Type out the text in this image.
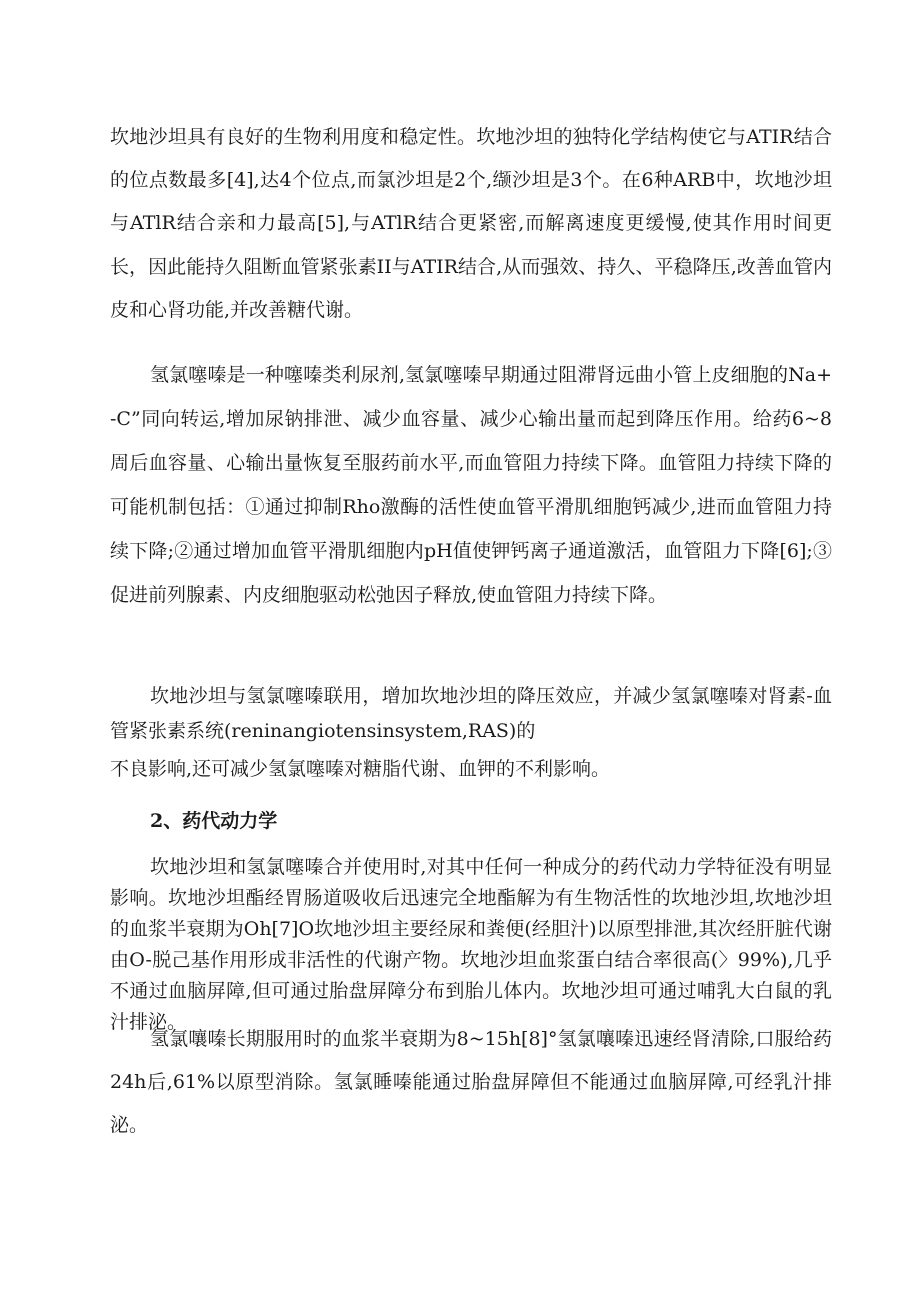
坎地沙坦具有良好的生物利用度和稳定性。坎地沙坦的独特化学结构使它与ATIR结合的位点数最多[4],达4个位点,而氯沙坦是2个,缬沙坦是3个。在6种ARB中，坎地沙坦与ATlR结合亲和力最高[5],与ATlR结合更紧密,而解离速度更缓慢,使其作用时间更长，因此能持久阻断血管紧张素II与ATIR结合,从而强效、持久、平稳降压,改善血管内皮和心肾功能,并改善糖代谢。

氢氯噻嗪是一种噻嗪类利尿剂,氢氯噻嗪早期通过阻滞肾远曲小管上皮细胞的Na+-C”同向转运,增加尿钠排泄、减少血容量、减少心输出量而起到降压作用。给药6~8周后血容量、心输出量恢复至服药前水平,而血管阻力持续下降。血管阻力持续下降的可能机制包括：①通过抑制Rho激酶的活性使血管平滑肌细胞钙减少,进而血管阻力持续下降;②通过增加血管平滑肌细胞内pH值使钾钙离子通道激活，血管阻力下降[6];③促进前列腺素、内皮细胞驱动松弛因子释放,使血管阻力持续下降。

坎地沙坦与氢氯噻嗪联用，增加坎地沙坦的降压效应，并减少氢氯噻嗪对肾素-血管紧张素系统(reninangiotensinsystem,RAS)的

不良影响,还可减少氢氯噻嗪对糖脂代谢、血钾的不利影响。

2、药代动力学

坎地沙坦和氢氯噻嗪合并使用时,对其中任何一种成分的药代动力学特征没有明显影响。坎地沙坦酯经胃肠道吸收后迅速完全地酯解为有生物活性的坎地沙坦,坎地沙坦的血浆半衰期为Oh[7]O坎地沙坦主要经尿和粪便(经胆汁)以原型排泄,其次经肝脏代谢由O-脱己基作用形成非活性的代谢产物。坎地沙坦血浆蛋白结合率很高(〉99%),几乎不通过血脑屏障,但可通过胎盘屏障分布到胎儿体内。坎地沙坦可通过哺乳大白鼠的乳汁排泌。

氢氯嚷嗪长期服用时的血浆半衰期为8~15h[8]°氢氯嚷嗪迅速经肾清除,口服给药24h后,61%以原型消除。氢氯睡嗪能通过胎盘屏障但不能通过血脑屏障,可经乳汁排泌。
